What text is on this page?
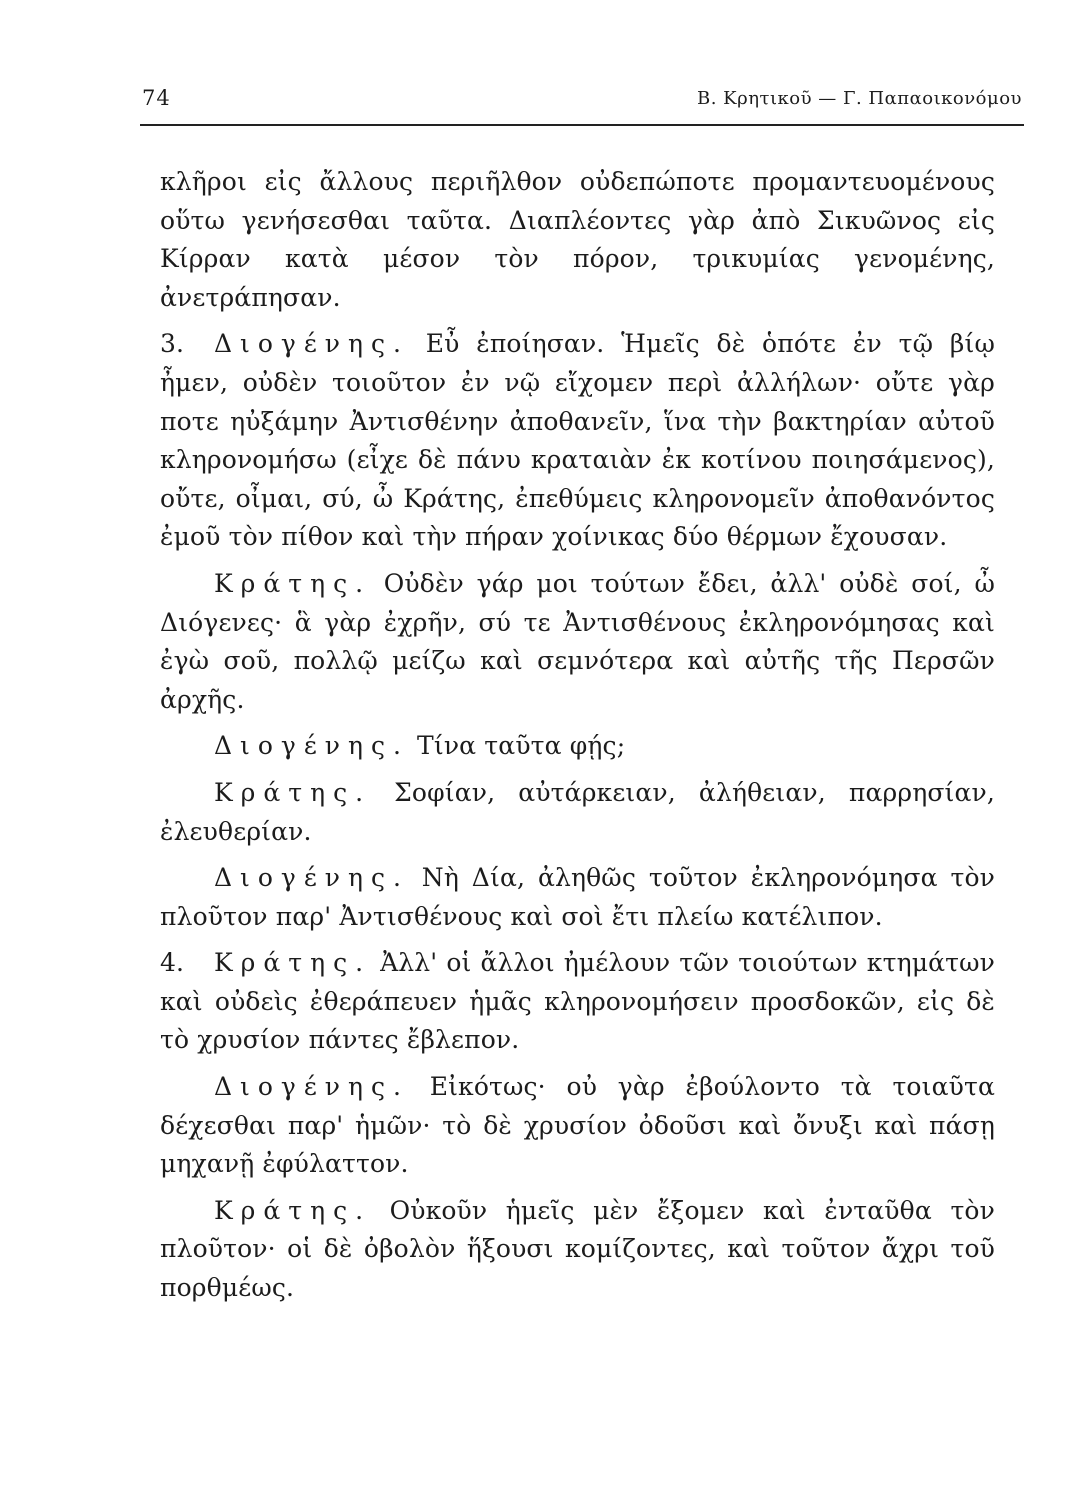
74	Β. Κρητικοῦ — Γ. Παπαοικονόμου

κλῆροι εἰς ἄλλους περιῆλθον οὐδεπώποτε προμαντευομένους οὕτω γενήσεσθαι ταῦτα. Διαπλέοντες γὰρ ἀπὸ Σικυῶνος εἰς Κίρραν κατὰ μέσον τὸν πόρον, τρικυμίας γενομένης, ἀνετράπησαν.

3. Διογένης. Εὖ ἐποίησαν. Ἡμεῖς δὲ ὁπότε ἐν τῷ βίῳ ἦμεν, οὐδὲν τοιοῦτον ἐν νῷ εἴχομεν περὶ ἀλλήλων· οὔτε γὰρ ποτε ηὐξάμην Ἀντισθένην ἀποθανεῖν, ἵνα τὴν βακτηρίαν αὐτοῦ κληρονομήσω (εἶχε δὲ πάνυ κραταιὰν ἐκ κοτίνου ποιησάμενος), οὔτε, οἶμαι, σύ, ὦ Κράτης, ἐπεθύμεις κληρονομεῖν ἀποθανόντος ἐμοῦ τὸν πίθον καὶ τὴν πήραν χοίνικας δύο θέρμων ἔχουσαν.

Κράτης. Οὐδὲν γάρ μοι τούτων ἔδει, ἀλλ' οὐδὲ σοί, ὦ Διόγενες· ἃ γὰρ ἐχρῆν, σύ τε Ἀντισθένους ἐκληρονόμησας καὶ ἐγὼ σοῦ, πολλῷ μείζω καὶ σεμνότερα καὶ αὐτῆς τῆς Περσῶν ἀρχῆς.

Διογένης. Τίνα ταῦτα φῄς;

Κράτης. Σοφίαν, αὐτάρκειαν, ἀλήθειαν, παρρησίαν, ἐλευθερίαν.

Διογένης. Νὴ Δία, ἀληθῶς τοῦτον ἐκληρονόμησα τὸν πλοῦτον παρ' Ἀντισθένους καὶ σοὶ ἔτι πλείω κατέλιπον.

4. Κράτης. Ἀλλ' οἱ ἄλλοι ἠμέλουν τῶν τοιούτων κτημάτων καὶ οὐδεὶς ἐθεράπευεν ἡμᾶς κληρονομήσειν προσδοκῶν, εἰς δὲ τὸ χρυσίον πάντες ἔβλεπον.

Διογένης. Εἰκότως· οὐ γὰρ ἐβούλοντο τὰ τοιαῦτα δέχεσθαι παρ' ἡμῶν· τὸ δὲ χρυσίον ὀδοῦσι καὶ ὄνυξι καὶ πάσῃ μηχανῇ ἐφύλαττον.

Κράτης. Οὐκοῦν ἡμεῖς μὲν ἔξομεν καὶ ἐνταῦθα τὸν πλοῦτον· οἱ δὲ ὀβολὸν ἥξουσι κομίζοντες, καὶ τοῦτον ἄχρι τοῦ πορθμέως.
